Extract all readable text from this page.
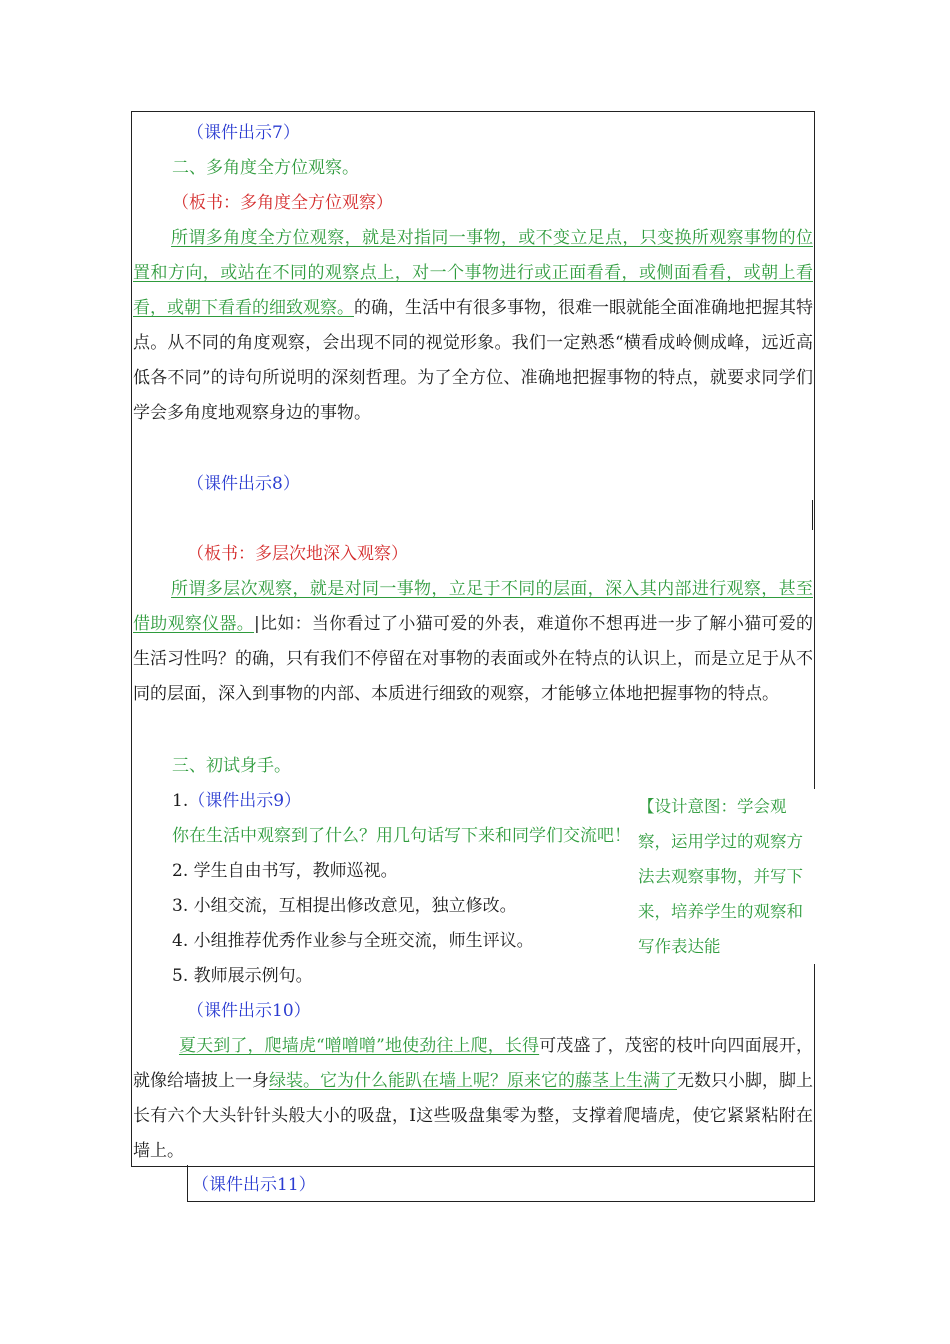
（课件出示7）
二、多角度全方位观察。
（板书：多角度全方位观察）
所谓多角度全方位观察，就是对指同一事物，或不变立足点，只变换所观察事物的位置和方向，或站在不同的观察点上，对一个事物进行或正面看看，或侧面看看，或朝上看看，或朝下看看的细致观察。的确，生活中有很多事物，很难一眼就能全面准确地把握其特点。从不同的角度观察，会出现不同的视觉形象。我们一定熟悉“横看成岭侧成峰，远近高低各不同”的诗句所说明的深刻哲理。为了全方位、准确地把握事物的特点，就要求同学们学会多角度地观察身边的事物。
（课件出示8）
（板书：多层次地深入观察）
所谓多层次观察，就是对同一事物，立足于不同的层面，深入其内部进行观察，甚至借助观察仪器。|比如：当你看过了小猫可爱的外表，难道你不想再进一步了解小猫可爱的生活习性吗？的确，只有我们不停留在对事物的表面或外在特点的认识上，而是立足于从不同的层面，深入到事物的内部、本质进行细致的观察，才能够立体地把握事物的特点。
三、初试身手。
1.（课件出示9）
你在生活中观察到了什么？用几句话写下来和同学们交流吧！
2. 学生自由书写，教师巡视。
3. 小组交流，互相提出修改意见，独立修改。
4. 小组推荐优秀作业参与全班交流，师生评议。
5. 教师展示例句。
【设计意图：学会观察，运用学过的观察方法去观察事物，并写下来，培养学生的观察和写作表达能
（课件出示10）
夏天到了，爬墙虎“噌噌噌”地使劲往上爬，长得可茂盛了，茂密的枝叶向四面展开，就像给墙披上一身绿装。它为什么能趴在墙上呢？原来它的藤茎上生满了无数只小脚，脚上长有六个大头针针头般大小的吸盘，I这些吸盘集零为整，支撑着爬墙虎，使它紧紧粘附在墙上。
（课件出示11）
